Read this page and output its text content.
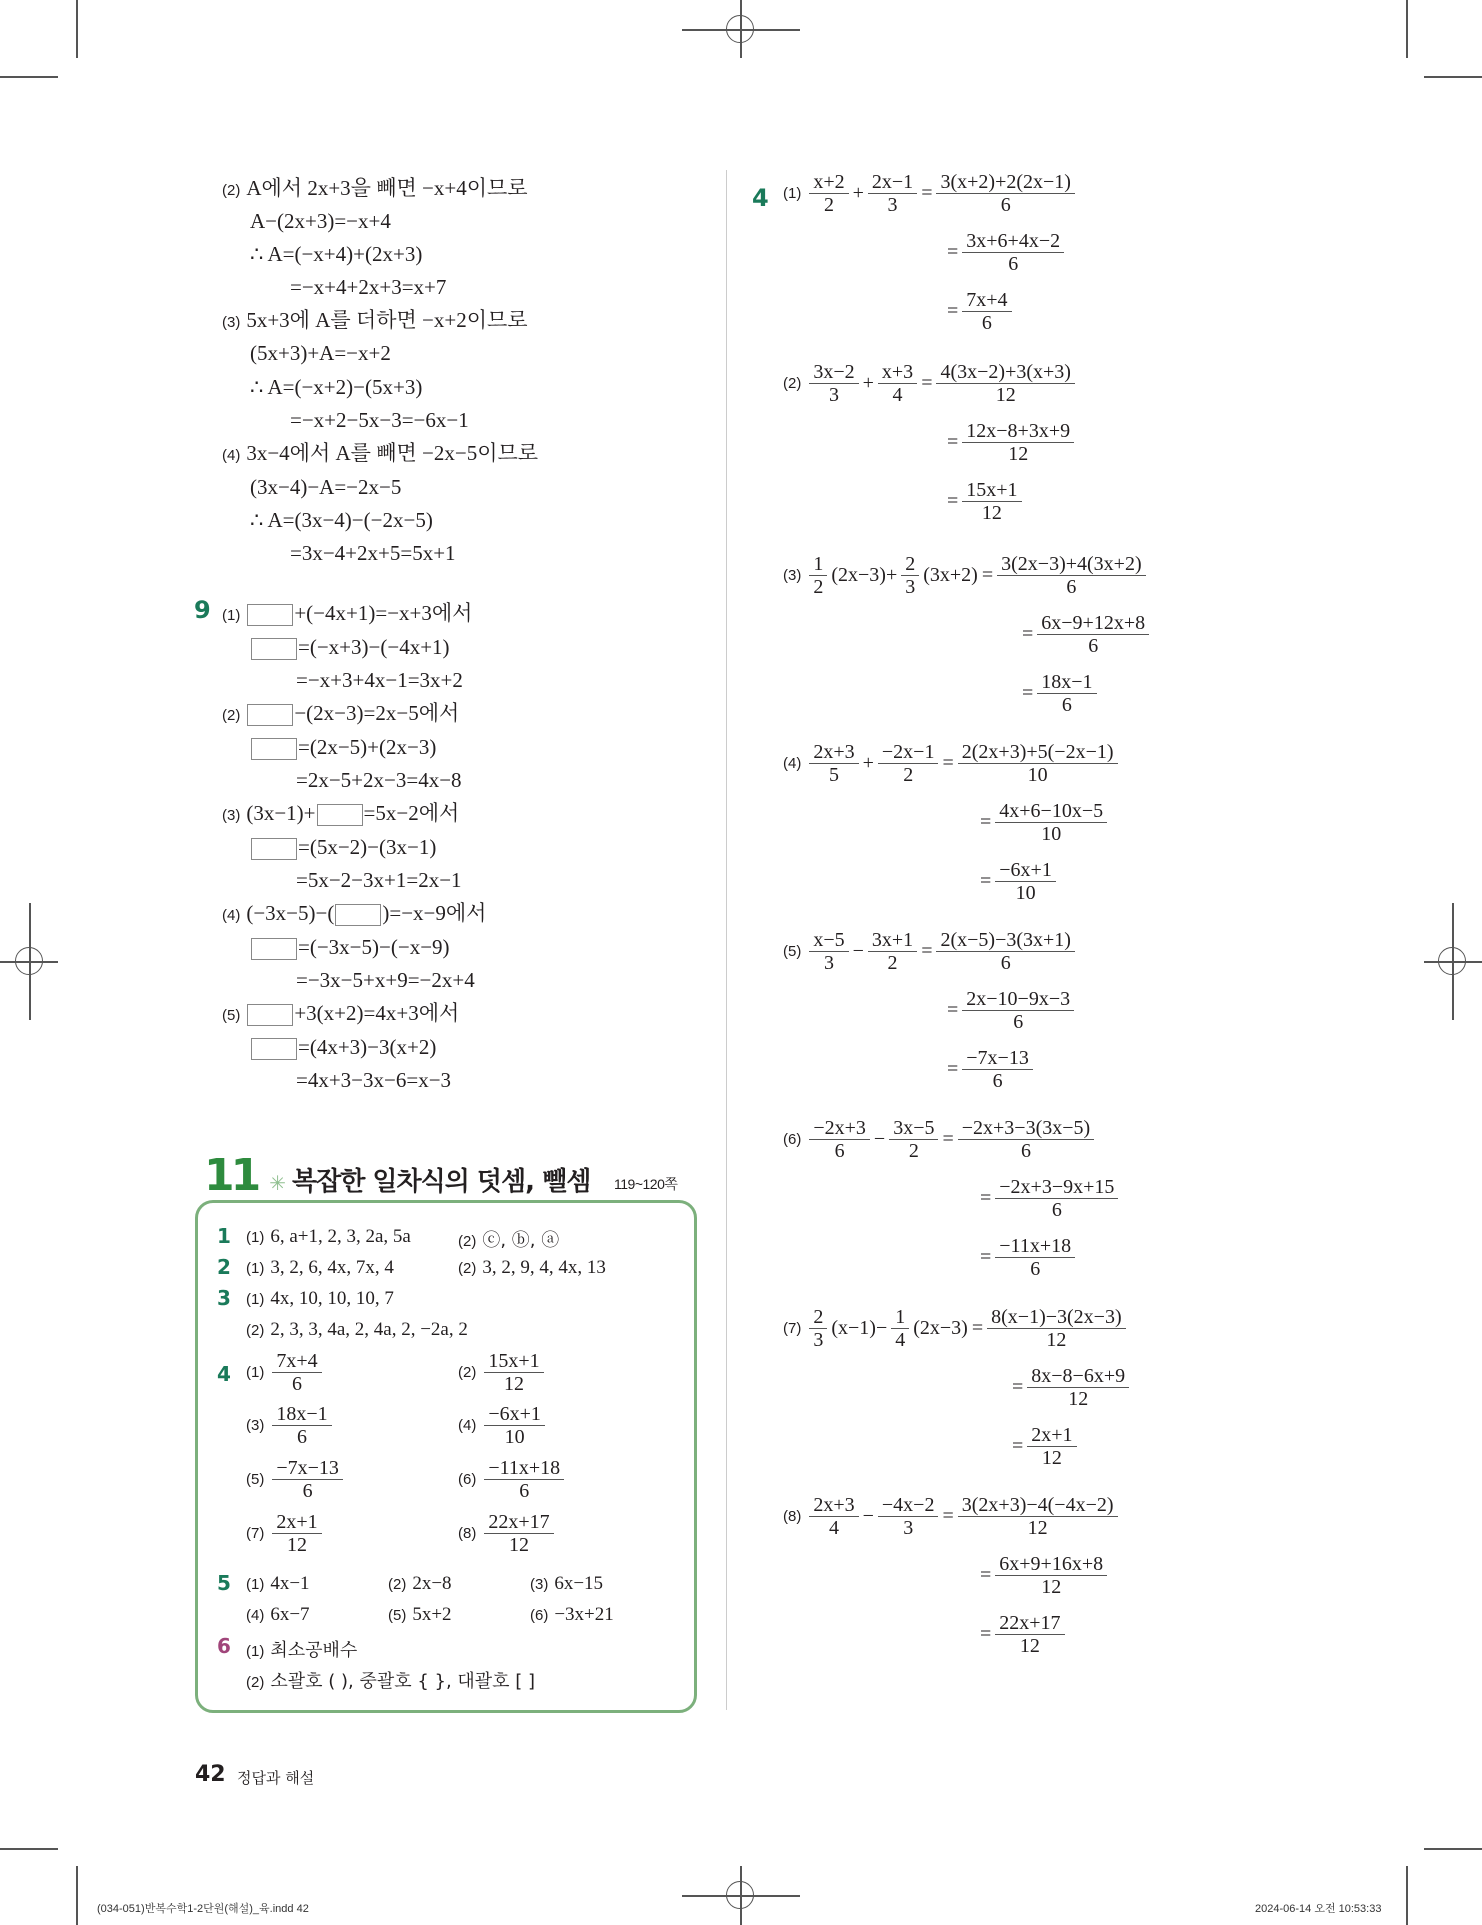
(2) A에서 2x+3을 빼면 −x+4이므로
A−(2x+3)=−x+4
∴ A=(−x+4)+(2x+3)
=−x+4+2x+3=x+7
(3) 5x+3에 A를 더하면 −x+2이므로
(5x+3)+A=−x+2
∴ A=(−x+2)−(5x+3)
=−x+2−5x−3=−6x−1
(4) 3x−4에서 A를 빼면 −2x−5이므로
(3x−4)−A=−2x−5
∴ A=(3x−4)−(−2x−5)
=3x−4+2x+5=5x+1
9 (1)	+(−4x+1)=−x+3에서
=(−x+3)−(−4x+1)
=−x+3+4x−1=3x+2
(2)	−(2x−3)=2x−5에서
=(2x−5)+(2x−3)
=2x−5+2x−3=4x−8
(3) (3x−1)+ =5x−2에서
=(5x−2)−(3x−1)
=5x−2−3x+1=2x−1
(4) (−3x−5)−( )=−x−9에서
=(−3x−5)−(−x−9)
=−3x−5+x+9=−2x+4
(5)	+3(x+2)=4x+3에서
=(4x+3)−3(x+2)
=4x+3−3x−6=x−3
11 ✳ 복잡한 일차식의 덧셈, 뺄셈 119~120쪽
1 (1) 6, a+1, 2, 3, 2a, 5a	(2) ⓒ, ⓑ, ⓐ
2 (1) 3, 2, 6, 4x, 7x, 4	(2) 3, 2, 9, 4, 4x, 13
3 (1) 4x, 10, 10, 10, 7
(2) 2, 3, 3, 4a, 2, 4a, 2, −2a, 2
4 $(1) \frac{7x+4}{6}$	$(2) \frac{15x+1}{12}$
$(3) \frac{18x-1}{6}$	$(4) \frac{-6x+1}{10}$
$(5) \frac{-7x-13}{6}$	$(6) \frac{-11x+18}{6}$
$(7) \frac{2x+1}{12}$	$(8) \frac{22x+17}{12}$
5 (1) 4x−1	(2) 2x−8	(3) 6x−15
(4) 6x−7	(5) 5x+2	(6) −3x+21
6 (1) 최소공배수
(2) 소괄호 ( ), 중괄호 { }, 대괄호 [ ]
4 $(1) \frac{x+2}{2} + \frac{2x-1}{3} = \frac{3(x+2)+2(2x-1)}{6}$
= $\frac{3x+6+4x-2}{6}$
= $\frac{7x+4}{6}$
$(2) \frac{3x-2}{3} + \frac{x+3}{4} = \frac{4(3x-2)+3(x+3)}{12}$
= $\frac{12x-8+3x+9}{12}$
= $\frac{15x+1}{12}$
$(3) \frac{1}{2} (2x-3)+ \frac{2}{3} (3x+2) = \frac{3(2x-3)+4(3x+2)}{6}$
= $\frac{6x-9+12x+8}{6}$
= $\frac{18x-1}{6}$
$(4) \frac{2x+3}{5} + \frac{-2x-1}{2} = \frac{2(2x+3)+5(-2x-1)}{10}$
= $\frac{4x+6-10x-5}{10}$
= $\frac{-6x+1}{10}$
$(5) \frac{x-5}{3} - \frac{3x+1}{2} = \frac{2(x-5)-3(3x+1)}{6}$
= $\frac{2x-10-9x-3}{6}$
= $\frac{-7x-13}{6}$
$(6) \frac{-2x+3}{6} - \frac{3x-5}{2} = \frac{-2x+3-3(3x-5)}{6}$
= $\frac{-2x+3-9x+15}{6}$
= $\frac{-11x+18}{6}$
$(7) \frac{2}{3} (x-1)- \frac{1}{4} (2x-3) = \frac{8(x-1)-3(2x-3)}{12}$
= $\frac{8x-8-6x+9}{12}$
= $\frac{2x+1}{12}$
$(8) \frac{2x+3}{4} - \frac{-4x-2}{3} = \frac{3(2x+3)-4(-4x-2)}{12}$
= $\frac{6x+9+16x+8}{12}$
= $\frac{22x+17}{12}$
42 정답과 해설
(034-051)반복수학1-2단원(해설)_육.indd 42	2024-06-14 오전 10:53:33
